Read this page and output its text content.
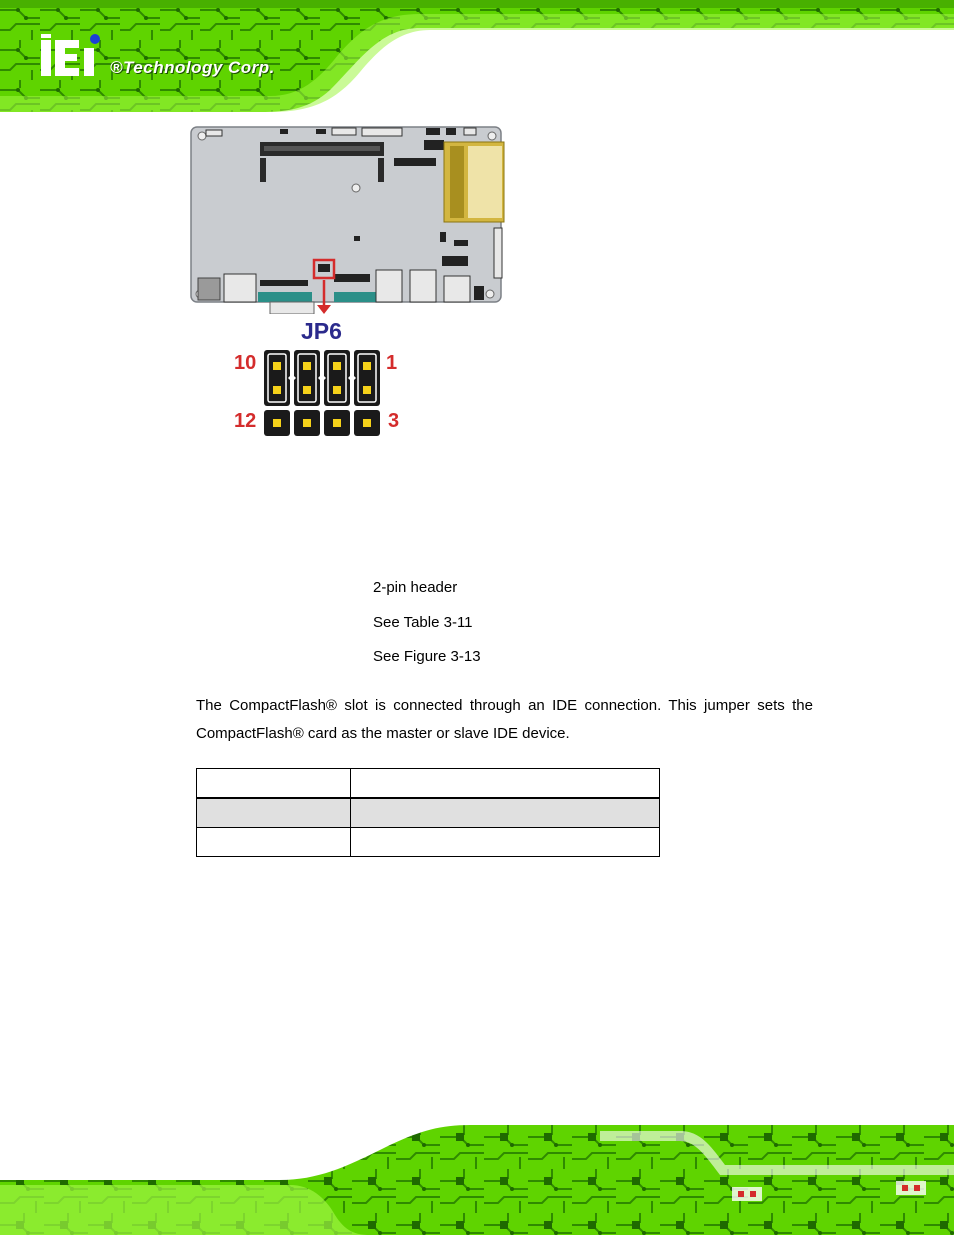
®Technology Corp.
JP6
10	1
12	3
2-pin header
See Table 3-11
See Figure 3-13
The CompactFlash® slot is connected through an IDE connection. This jumper sets the CompactFlash® card as the master or slave IDE device.
